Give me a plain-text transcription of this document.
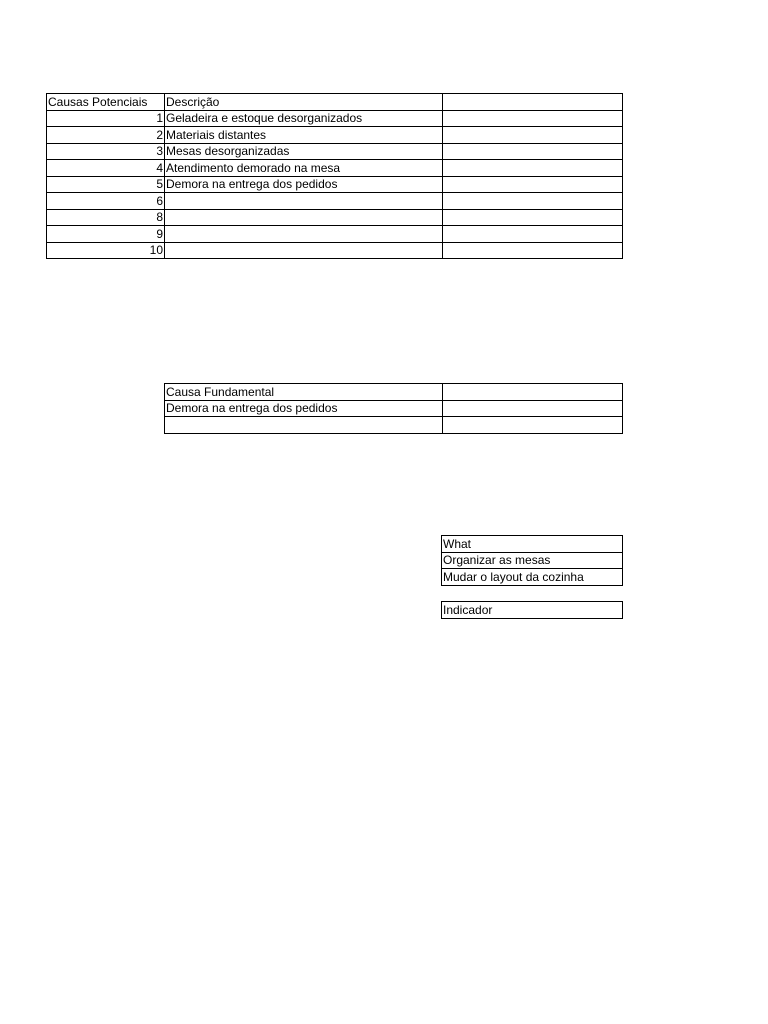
Causas Potenciais	Descrição	
1	Geladeira e estoque desorganizados	
2	Materiais distantes	
3	Mesas desorganizadas	
4	Atendimento demorado na mesa	
5	Demora na entrega dos pedidos	
6		
8		
9		
10		
Causa Fundamental	
Demora na entrega dos pedidos	

What
Organizar as mesas
Mudar o layout da cozinha
Indicador
